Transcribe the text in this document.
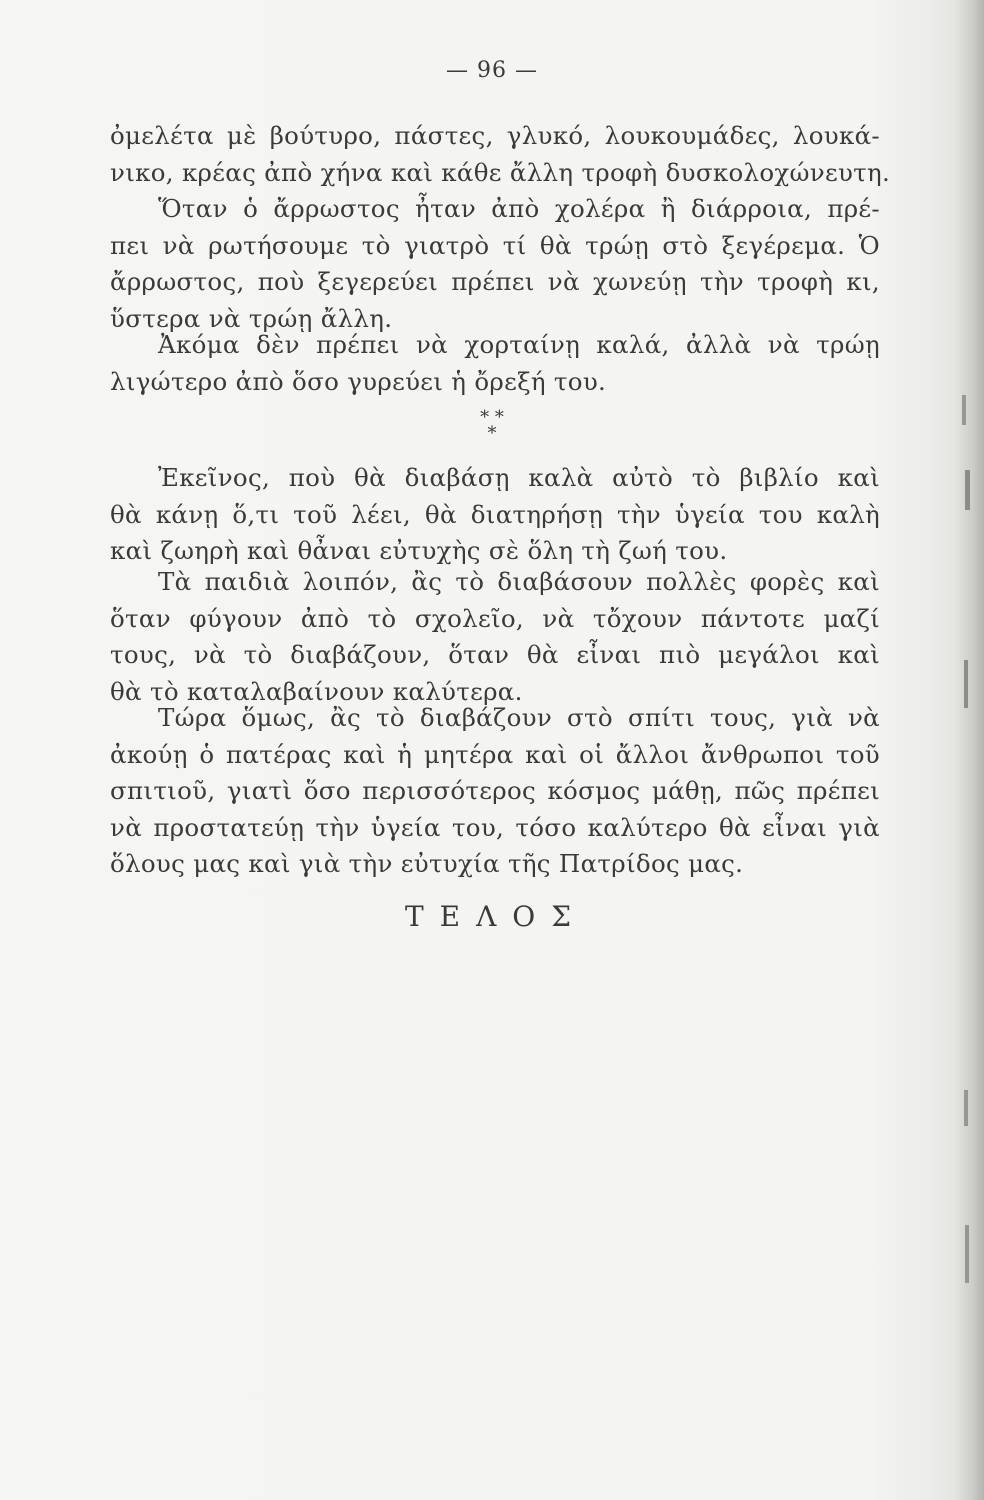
— 96 —
ὀμελέτα μὲ βούτυρο, πάστες, γλυκό, λουκουμάδες, λουκά-
νικο, κρέας ἀπὸ χήνα καὶ κάθε ἄλλη τροφὴ δυσκολοχώνευτη.
Ὅταν ὁ ἄρρωστος ἦταν ἀπὸ χολέρα ἢ διάρροια, πρέ-
πει νὰ ρωτήσουμε τὸ γιατρὸ τί θὰ τρώῃ στὸ ξεγέρεμα. Ὁ
ἄρρωστος, ποὺ ξεγερεύει πρέπει νὰ χωνεύῃ τὴν τροφὴ κι,
ὕστερα νὰ τρώῃ ἄλλη.
Ἀκόμα δὲν πρέπει νὰ χορταίνῃ καλά, ἀλλὰ νὰ τρώῃ
λιγώτερο ἀπὸ ὅσο γυρεύει ἡ ὄρεξή του.
* *
*
Ἐκεῖνος, ποὺ θὰ διαβάσῃ καλὰ αὐτὸ τὸ βιβλίο καὶ
θὰ κάνῃ ὅ,τι τοῦ λέει, θὰ διατηρήσῃ τὴν ὑγεία του καλὴ
καὶ ζωηρὴ καὶ θἆναι εὐτυχὴς σὲ ὅλη τὴ ζωή του.
Τὰ παιδιὰ λοιπόν, ἂς τὸ διαβάσουν πολλὲς φορὲς καὶ
ὅταν φύγουν ἀπὸ τὸ σχολεῖο, νὰ τὄχουν πάντοτε μαζί
τους, νὰ τὸ διαβάζουν, ὅταν θὰ εἶναι πιὸ μεγάλοι καὶ
θὰ τὸ καταλαβαίνουν καλύτερα.
Τώρα ὅμως, ἂς τὸ διαβάζουν στὸ σπίτι τους, γιὰ νὰ
ἀκούῃ ὁ πατέρας καὶ ἡ μητέρα καὶ οἱ ἄλλοι ἄνθρωποι τοῦ
σπιτιοῦ, γιατὶ ὅσο περισσότερος κόσμος μάθῃ, πῶς πρέπει
νὰ προστατεύῃ τὴν ὑγεία του, τόσο καλύτερο θὰ εἶναι γιὰ
ὅλους μας καὶ γιὰ τὴν εὐτυχία τῆς Πατρίδος μας.
ΤΕΛΟΣ
